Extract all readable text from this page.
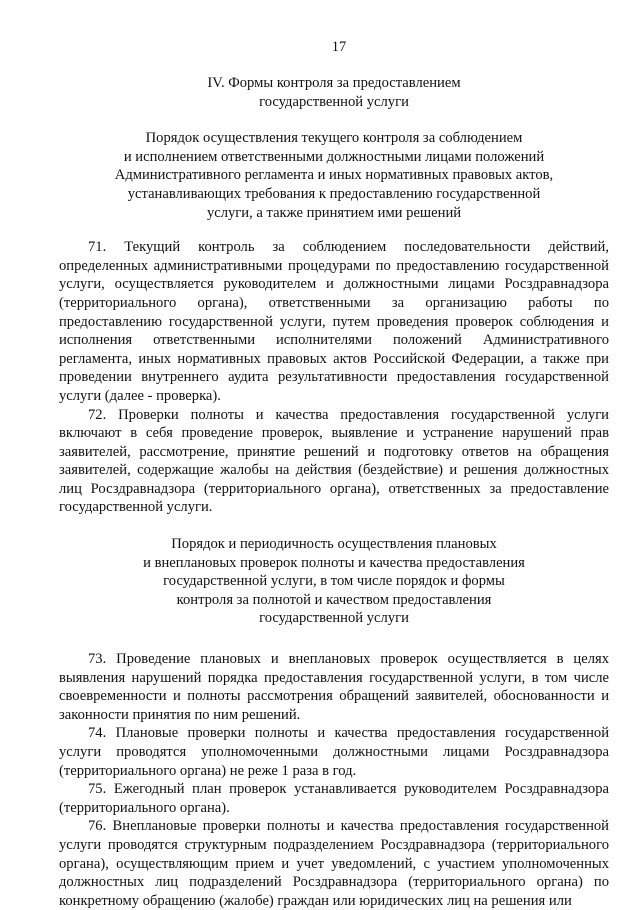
17
IV. Формы контроля за предоставлением
государственной услуги
Порядок осуществления текущего контроля за соблюдением
и исполнением ответственными должностными лицами положений
Административного регламента и иных нормативных правовых актов,
устанавливающих требования к предоставлению государственной
услуги, а также принятием ими решений

71. Текущий контроль за соблюдением последовательности действий, определенных административными процедурами по предоставлению государственной услуги, осуществляется руководителем и должностными лицами Росздравнадзора (территориального органа), ответственными за организацию работы по предоставлению государственной услуги, путем проведения проверок соблюдения и исполнения ответственными исполнителями положений Административного регламента, иных нормативных правовых актов Российской Федерации, а также при проведении внутреннего аудита результативности предоставления государственной услуги (далее - проверка).

72. Проверки полноты и качества предоставления государственной услуги включают в себя проведение проверок, выявление и устранение нарушений прав заявителей, рассмотрение, принятие решений и подготовку ответов на обращения заявителей, содержащие жалобы на действия (бездействие) и решения должностных лиц Росздравнадзора (территориального органа), ответственных за предоставление государственной услуги.

Порядок и периодичность осуществления плановых
и внеплановых проверок полноты и качества предоставления
государственной услуги, в том числе порядок и формы
контроля за полнотой и качеством предоставления
государственной услуги

73. Проведение плановых и внеплановых проверок осуществляется в целях выявления нарушений порядка предоставления государственной услуги, в том числе своевременности и полноты рассмотрения обращений заявителей, обоснованности и законности принятия по ним решений.

74. Плановые проверки полноты и качества предоставления государственной услуги проводятся уполномоченными должностными лицами Росздравнадзора (территориального органа) не реже 1 раза в год.

75. Ежегодный план проверок устанавливается руководителем Росздравнадзора (территориального органа).

76. Внеплановые проверки полноты и качества предоставления государственной услуги проводятся структурным подразделением Росздравнадзора (территориального органа), осуществляющим прием и учет уведомлений, с участием уполномоченных должностных лиц подразделений Росздравнадзора (территориального органа) по конкретному обращению (жалобе) граждан или юридических лиц на решения или
